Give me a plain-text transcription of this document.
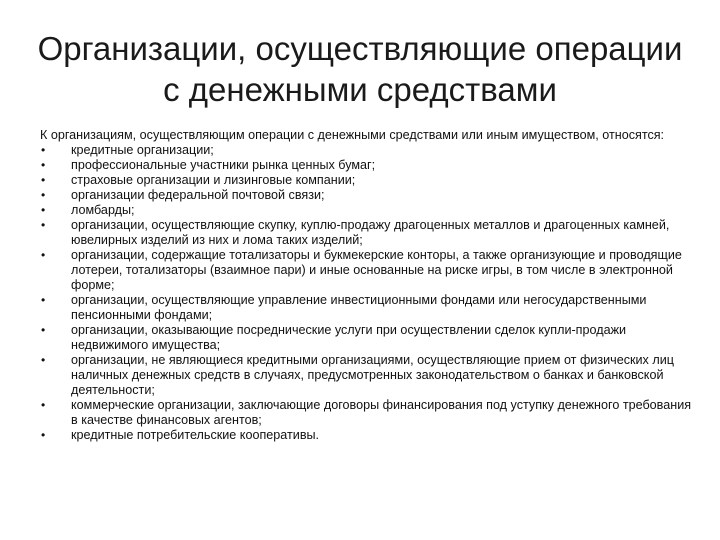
Организации, осуществляющие операции
с денежными средствами
К организациям, осуществляющим операции с денежными средствами или иным имуществом, относятся:
• кредитные организации;
• профессиональные участники рынка ценных бумаг;
• страховые организации и лизинговые компании;
• организации федеральной почтовой связи;
• ломбарды;
• организации, осуществляющие скупку, куплю-продажу драгоценных металлов и драгоценных камней, ювелирных изделий из них и лома таких изделий;
• организации, содержащие тотализаторы и букмекерские конторы, а также организующие и проводящие лотереи, тотализаторы (взаимное пари) и иные основанные на риске игры, в том числе в электронной форме;
• организации, осуществляющие управление инвестиционными фондами или негосударственными пенсионными фондами;
• организации, оказывающие посреднические услуги при осуществлении сделок купли-продажи недвижимого имущества;
• организации, не являющиеся кредитными организациями, осуществляющие прием от физических лиц наличных денежных средств в случаях, предусмотренных законодательством о банках и банковской деятельности;
• коммерческие организации, заключающие договоры финансирования под уступку денежного требования в качестве финансовых агентов;
• кредитные потребительские кооперативы.
